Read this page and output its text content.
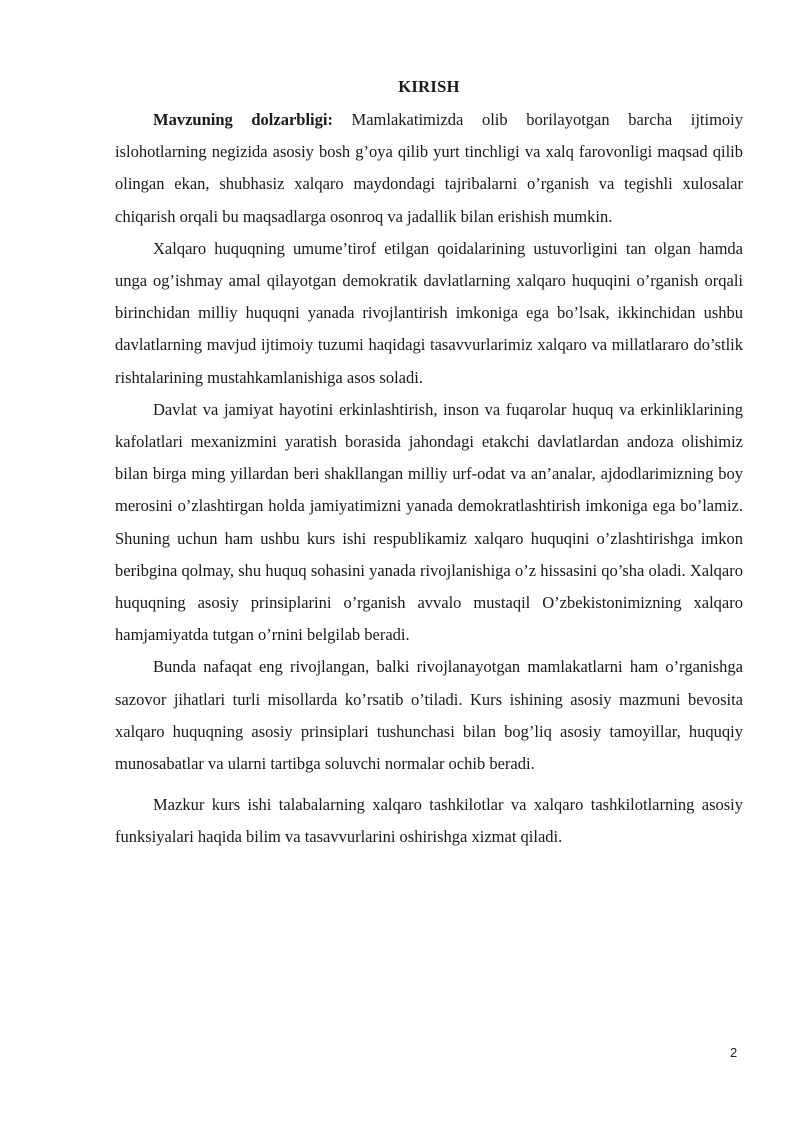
KIRISH

Mavzuning dolzarbligi: Mamlakatimizda olib borilayotgan barcha ijtimoiy islohotlarning negizida asosiy bosh g’oya qilib yurt tinchligi va xalq farovonligi maqsad qilib olingan ekan, shubhasiz xalqaro maydondagi tajribalarni o’rganish va tegishli xulosalar chiqarish orqali bu maqsadlarga osonroq va jadallik bilan erishish mumkin.

Xalqaro huquqning umume’tirof etilgan qoidalarining ustuvorligini tan olgan hamda unga og’ishmay amal qilayotgan demokratik davlatlarning xalqaro huquqini o’rganish orqali birinchidan milliy huquqni yanada rivojlantirish imkoniga ega bo’lsak, ikkinchidan ushbu davlatlarning mavjud ijtimoiy tuzumi haqidagi tasavvurlarimiz xalqaro va millatlararo do’stlik rishtalarining mustahkamlanishiga asos soladi.

Davlat va jamiyat hayotini erkinlashtirish, inson va fuqarolar huquq va erkinliklarining kafolatlari mexanizmini yaratish borasida jahondagi etakchi davlatlardan andoza olishimiz bilan birga ming yillardan beri shakllangan milliy urf-odat va an’analar, ajdodlarimizning boy merosini o’zlashtirgan holda jamiyatimizni yanada demokratlashtirish imkoniga ega bo’lamiz. Shuning uchun ham ushbu kurs ishi respublikamiz xalqaro huquqini o’zlashtirishga imkon beribgina qolmay, shu huquq sohasini yanada rivojlanishiga o’z hissasini qo’sha oladi. Xalqaro huquqning asosiy prinsiplarini o’rganish avvalo mustaqil O’zbekistonimizning xalqaro hamjamiyatda tutgan o’rnini belgilab beradi.

Bunda nafaqat eng rivojlangan, balki rivojlanayotgan mamlakatlarni ham o’rganishga sazovor jihatlari turli misollarda ko’rsatib o’tiladi. Kurs ishining asosiy mazmuni bevosita xalqaro huquqning asosiy prinsiplari tushunchasi bilan bog’liq asosiy tamoyillar, huquqiy munosabatlar va ularni tartibga soluvchi normalar ochib beradi.

Mazkur kurs ishi talabalarning xalqaro tashkilotlar va xalqaro tashkilotlarning asosiy funksiyalari haqida bilim va tasavvurlarini oshirishga xizmat qiladi.

2
